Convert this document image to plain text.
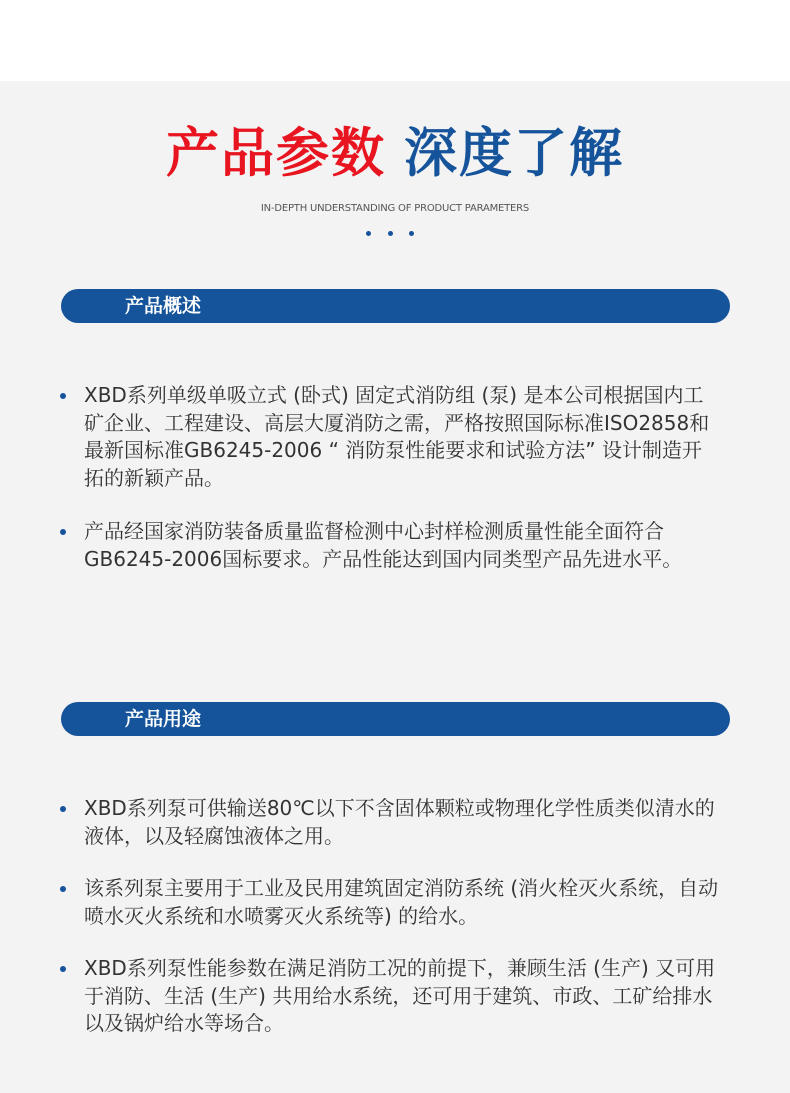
产品参数 深度了解
IN-DEPTH UNDERSTANDING OF PRODUCT PARAMETERS
产品概述
XBD系列单级单吸立式 (卧式) 固定式消防组 (泵) 是本公司根据国内工矿企业、工程建设、高层大厦消防之需，严格按照国际标准ISO2858和最新国标准GB6245-2006 “ 消防泵性能要求和试验方法” 设计制造开拓的新颖产品。
产品经国家消防装备质量监督检测中心封样检测质量性能全面符合GB6245-2006国标要求。产品性能达到国内同类型产品先进水平。
产品用途
XBD系列泵可供输送80℃以下不含固体颗粒或物理化学性质类似清水的液体，以及轻腐蚀液体之用。
该系列泵主要用于工业及民用建筑固定消防系统 (消火栓灭火系统，自动喷水灭火系统和水喷雾灭火系统等) 的给水。
XBD系列泵性能参数在满足消防工况的前提下，兼顾生活 (生产) 又可用于消防、生活 (生产) 共用给水系统，还可用于建筑、市政、工矿给排水以及锅炉给水等场合。
